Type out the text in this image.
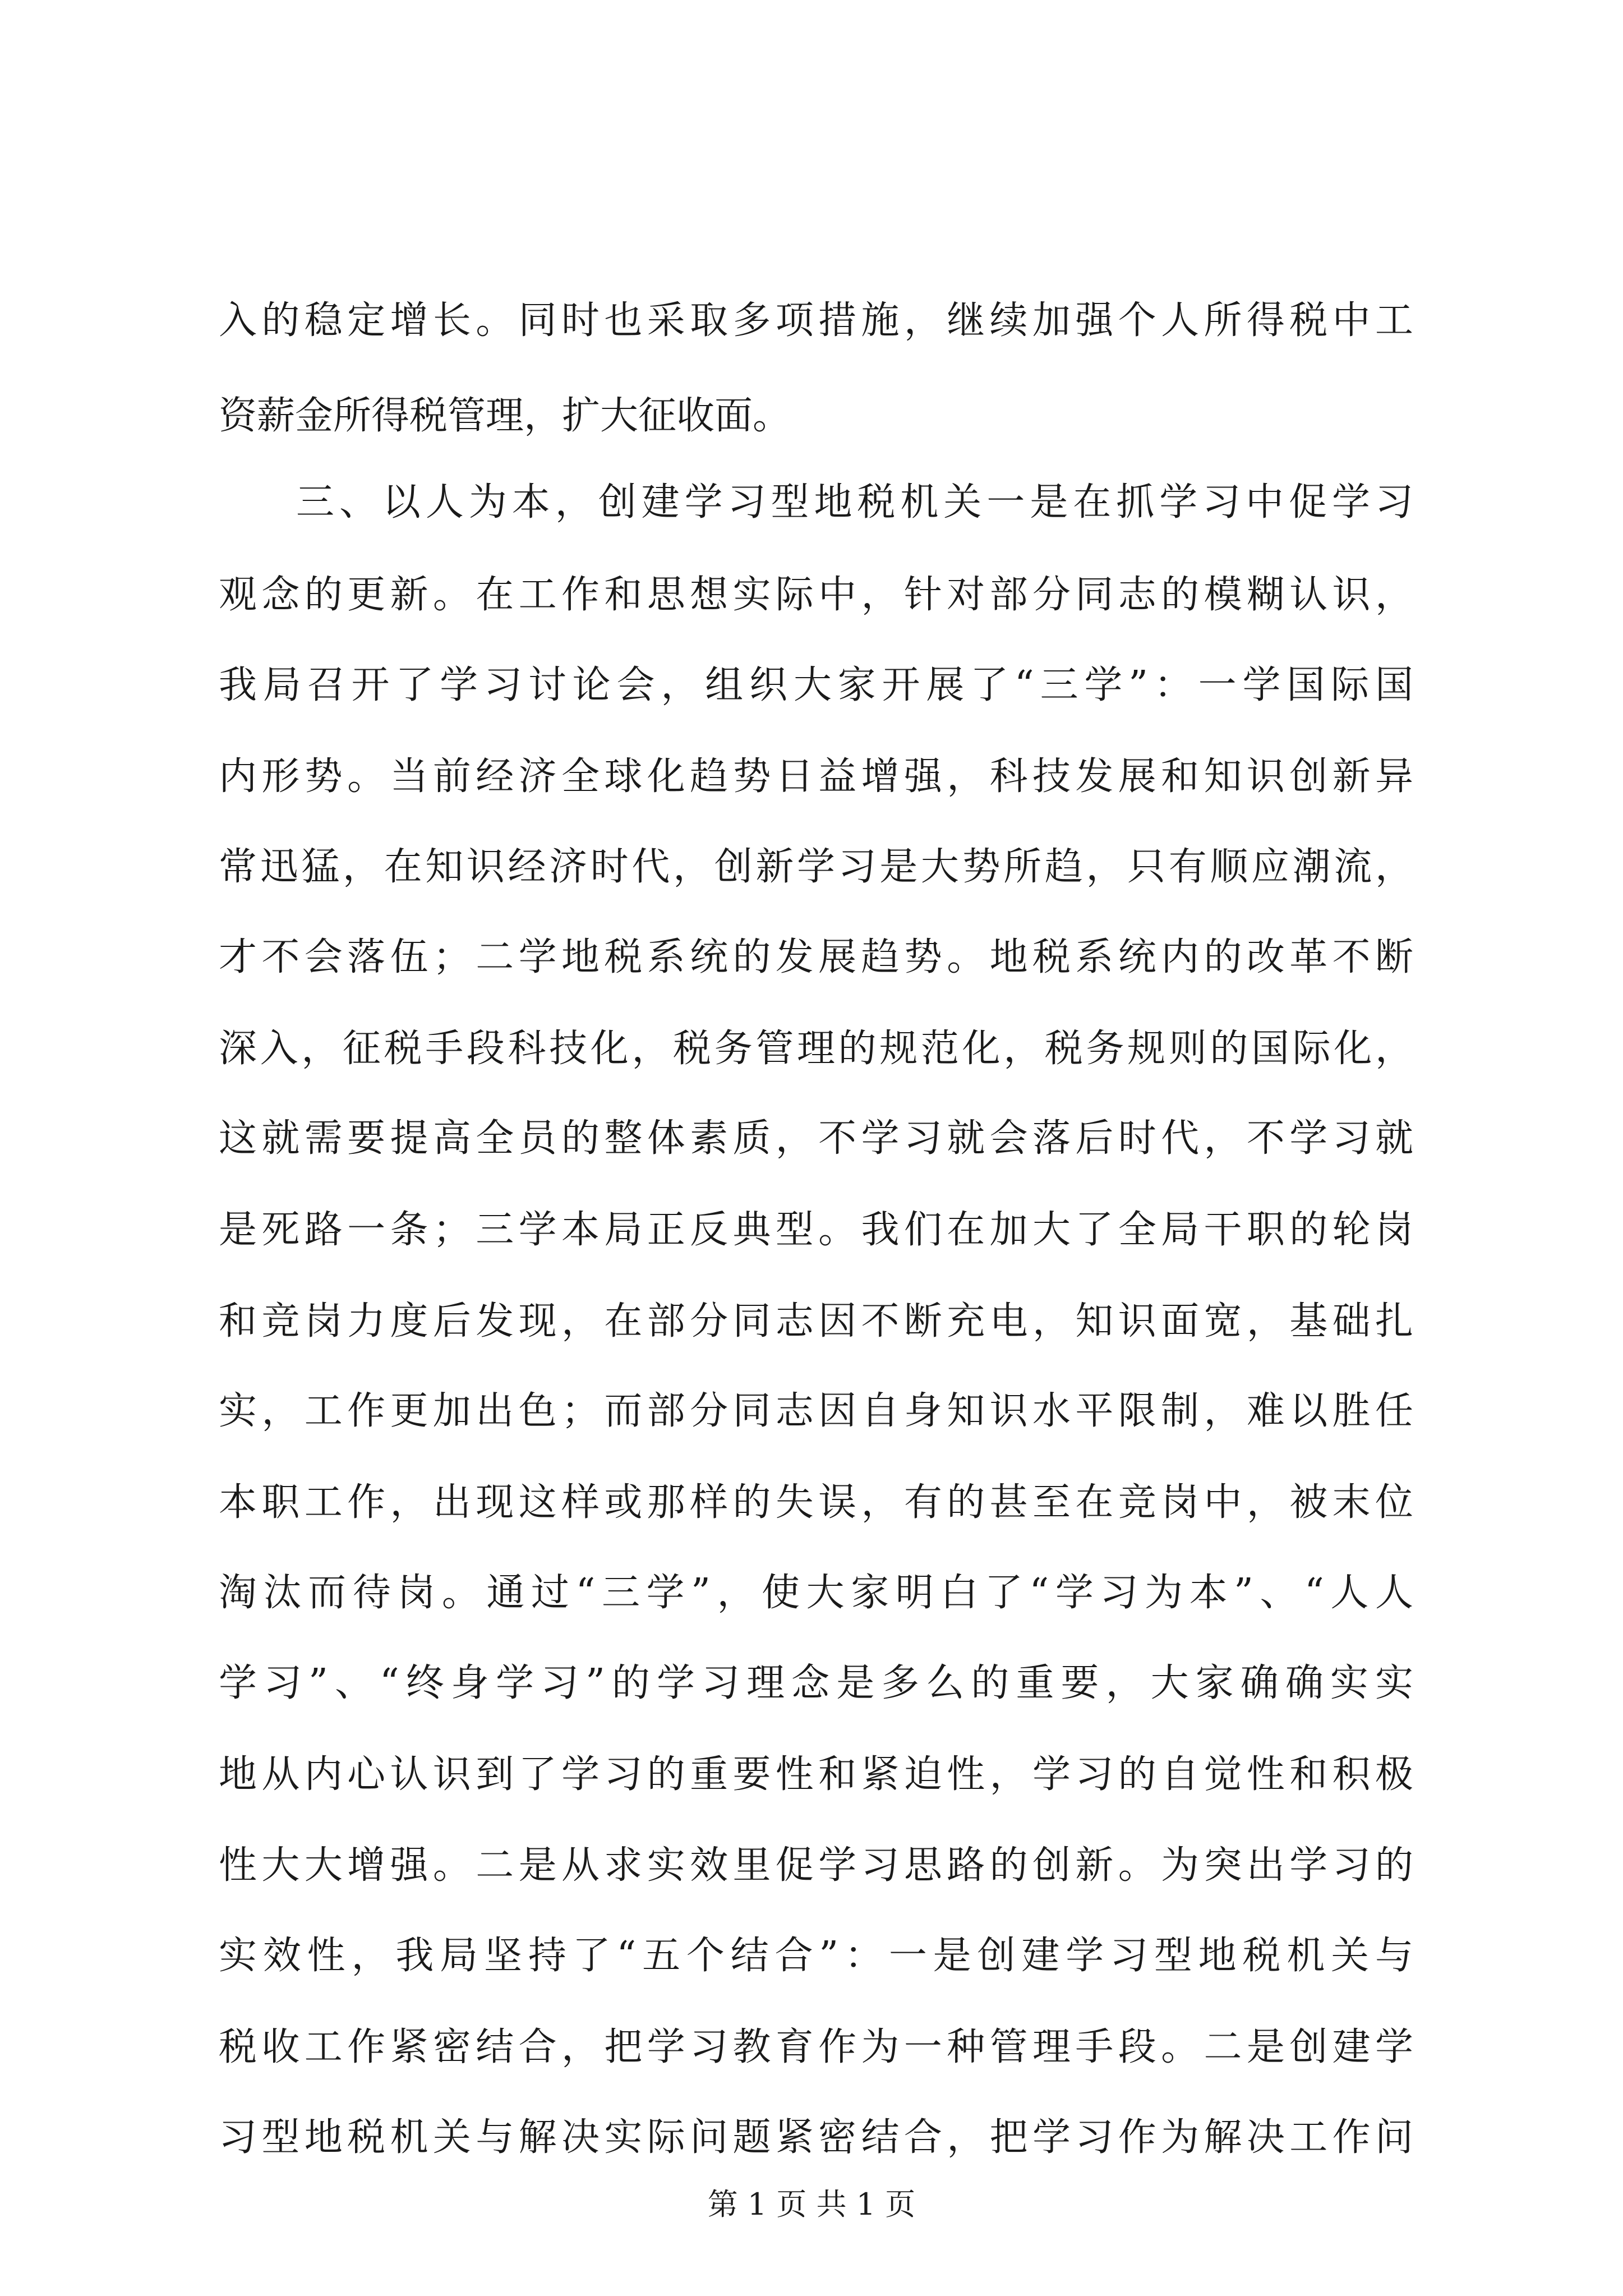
入的稳定增长。同时也采取多项措施，继续加强个人所得税中工
资薪金所得税管理，扩大征收面。
三、以人为本，创建学习型地税机关一是在抓学习中促学习
观念的更新。在工作和思想实际中，针对部分同志的模糊认识，
我局召开了学习讨论会，组织大家开展了“三学”：一学国际国
内形势。当前经济全球化趋势日益增强，科技发展和知识创新异
常迅猛，在知识经济时代，创新学习是大势所趋，只有顺应潮流，
才不会落伍；二学地税系统的发展趋势。地税系统内的改革不断
深入，征税手段科技化，税务管理的规范化，税务规则的国际化，
这就需要提高全员的整体素质，不学习就会落后时代，不学习就
是死路一条；三学本局正反典型。我们在加大了全局干职的轮岗
和竞岗力度后发现，在部分同志因不断充电，知识面宽，基础扎
实，工作更加出色；而部分同志因自身知识水平限制，难以胜任
本职工作，出现这样或那样的失误，有的甚至在竞岗中，被末位
淘汰而待岗。通过“三学”，使大家明白了“学习为本”、“人人
学习”、“终身学习”的学习理念是多么的重要，大家确确实实
地从内心认识到了学习的重要性和紧迫性，学习的自觉性和积极
性大大增强。二是从求实效里促学习思路的创新。为突出学习的
实效性，我局坚持了“五个结合”：一是创建学习型地税机关与
税收工作紧密结合，把学习教育作为一种管理手段。二是创建学
习型地税机关与解决实际问题紧密结合，把学习作为解决工作问
第 1 页 共 1 页
